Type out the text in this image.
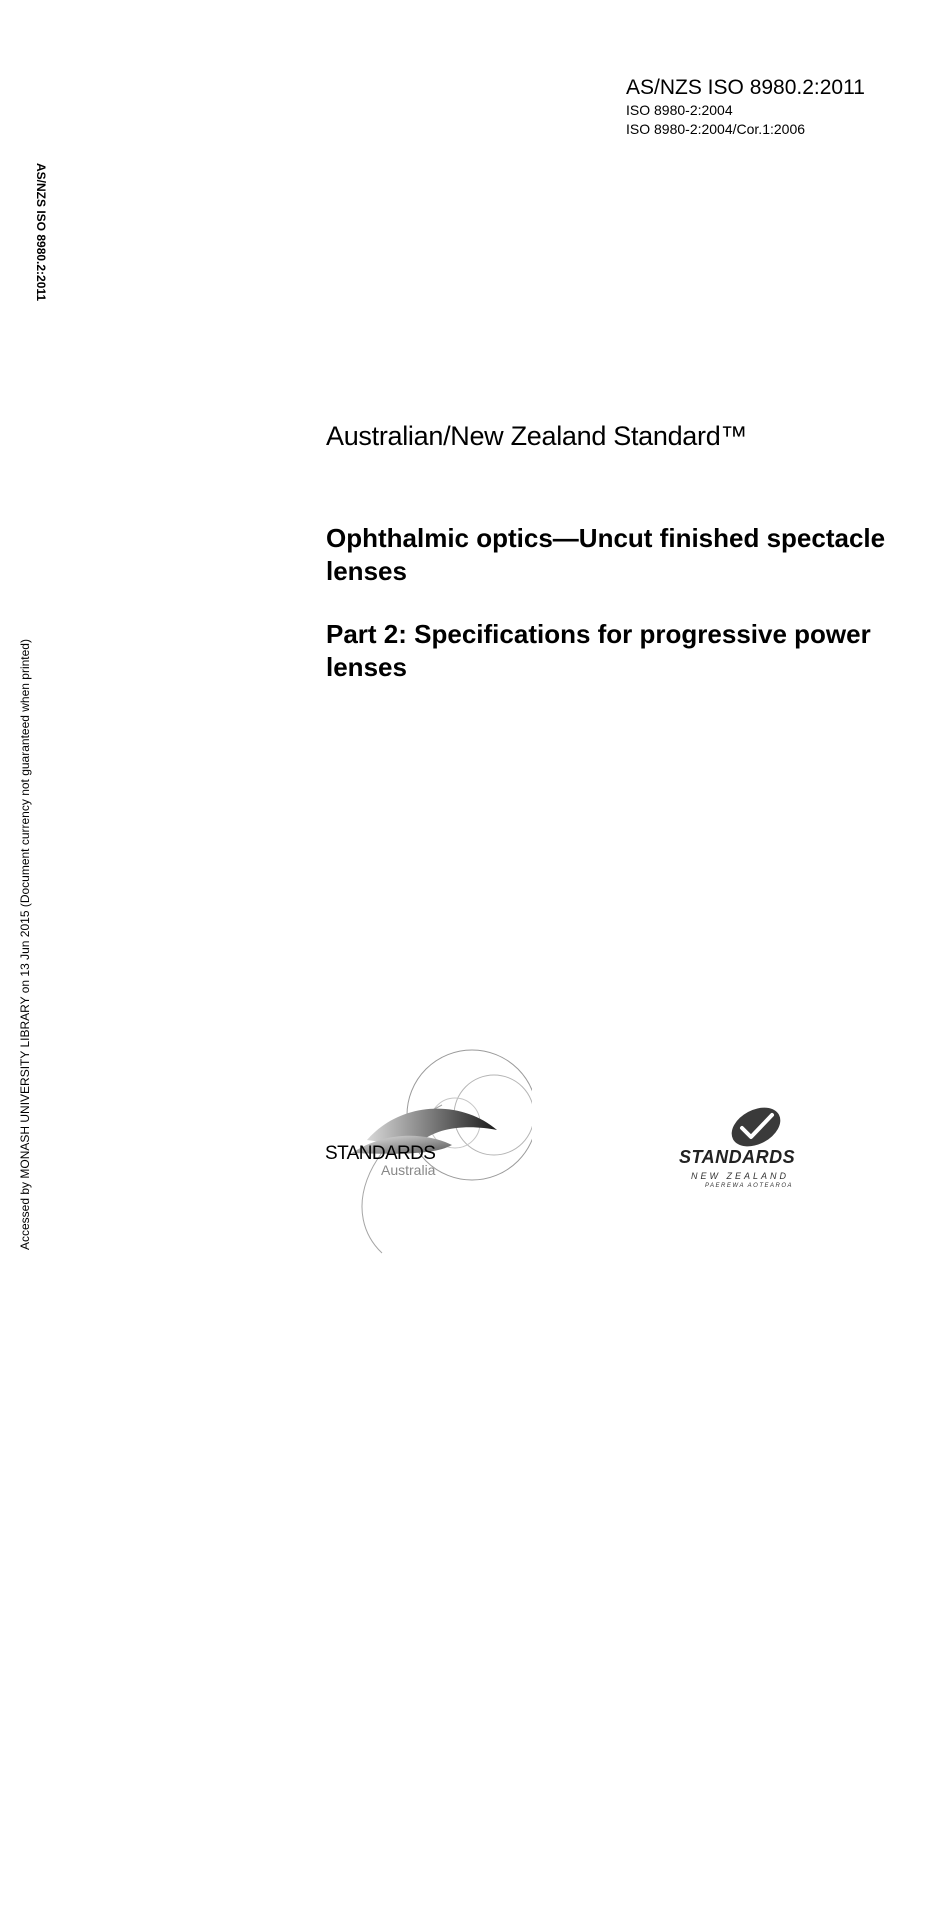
AS/NZS ISO 8980.2:2011
ISO 8980-2:2004
ISO 8980-2:2004/Cor.1:2006
AS/NZS ISO 8980.2:2011
Accessed by MONASH UNIVERSITY LIBRARY on 13 Jun 2015 (Document currency not guaranteed when printed)
Australian/New Zealand Standard™
Ophthalmic optics—Uncut finished spectacle lenses
Part 2: Specifications for progressive power lenses
STANDARDS
Australia
STANDARDS
NEW ZEALAND
PAEREWA AOTEAROA
